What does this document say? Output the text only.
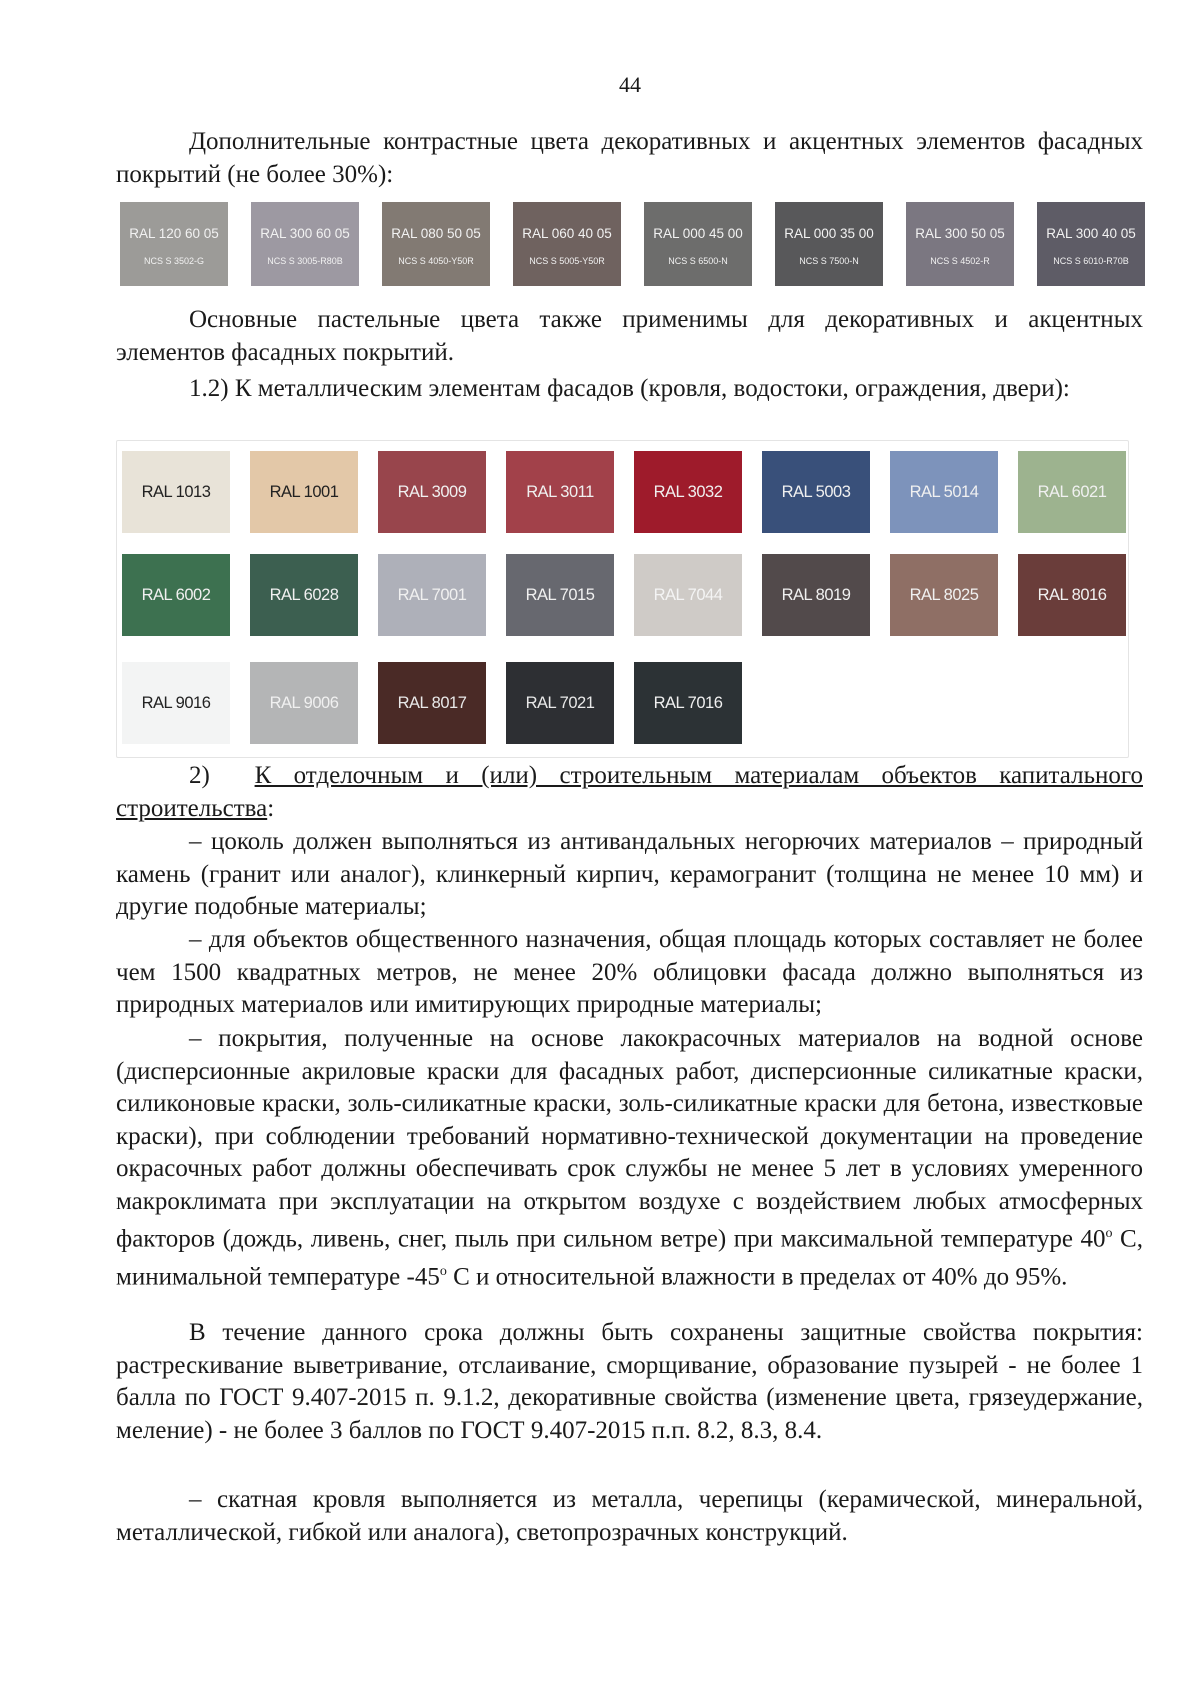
44

Дополнительные контрастные цвета декоративных и акцентных элементов фасадных покрытий (не более 30%):

RAL 120 60 05
NCS S 3502-G
RAL 300 60 05
NCS S 3005-R80B
RAL 080 50 05
NCS S 4050-Y50R
RAL 060 40 05
NCS S 5005-Y50R
RAL 000 45 00
NCS S 6500-N
RAL 000 35 00
NCS S 7500-N
RAL 300 50 05
NCS S 4502-R
RAL 300 40 05
NCS S 6010-R70B

Основные пастельные цвета также применимы для декоративных и акцентных элементов фасадных покрытий.

1.2) К металлическим элементам фасадов (кровля, водостоки, ограждения, двери):

RAL 1013	RAL 1001	RAL 3009	RAL 3011	RAL 3032	RAL 5003	RAL 5014	RAL 6021
RAL 6002	RAL 6028	RAL 7001	RAL 7015	RAL 7044	RAL 8019	RAL 8025	RAL 8016
RAL 9016	RAL 9006	RAL 8017	RAL 7021	RAL 7016

2) К отделочным и (или) строительным материалам объектов капитального строительства:

– цоколь должен выполняться из антивандальных негорючих материалов – природный камень (гранит или аналог), клинкерный кирпич, керамогранит (толщина не менее 10 мм) и другие подобные материалы;

– для объектов общественного назначения, общая площадь которых составляет не более чем 1500 квадратных метров, не менее 20% облицовки фасада должно выполняться из природных материалов или имитирующих природные материалы;

– покрытия, полученные на основе лакокрасочных материалов на водной основе (дисперсионные акриловые краски для фасадных работ, дисперсионные силикатные краски, силиконовые краски, золь-силикатные краски, золь-силикатные краски для бетона, известковые краски), при соблюдении требований нормативно-технической документации на проведение окрасочных работ должны обеспечивать срок службы не менее 5 лет в условиях умеренного макроклимата при эксплуатации на открытом воздухе с воздействием любых атмосферных факторов (дождь, ливень, снег, пыль при сильном ветре) при максимальной температуре 40$^o$ С, минимальной температуре -45$^o$ С и относительной влажности в пределах от 40% до 95%.

В течение данного срока должны быть сохранены защитные свойства покрытия: растрескивание выветривание, отслаивание, сморщивание, образование пузырей - не более 1 балла по ГОСТ 9.407-2015 п. 9.1.2, декоративные свойства (изменение цвета, грязеудержание, меление) - не более 3 баллов по ГОСТ 9.407-2015 п.п. 8.2, 8.3, 8.4.

– скатная кровля выполняется из металла, черепицы (керамической, минеральной, металлической, гибкой или аналога), светопрозрачных конструкций.
